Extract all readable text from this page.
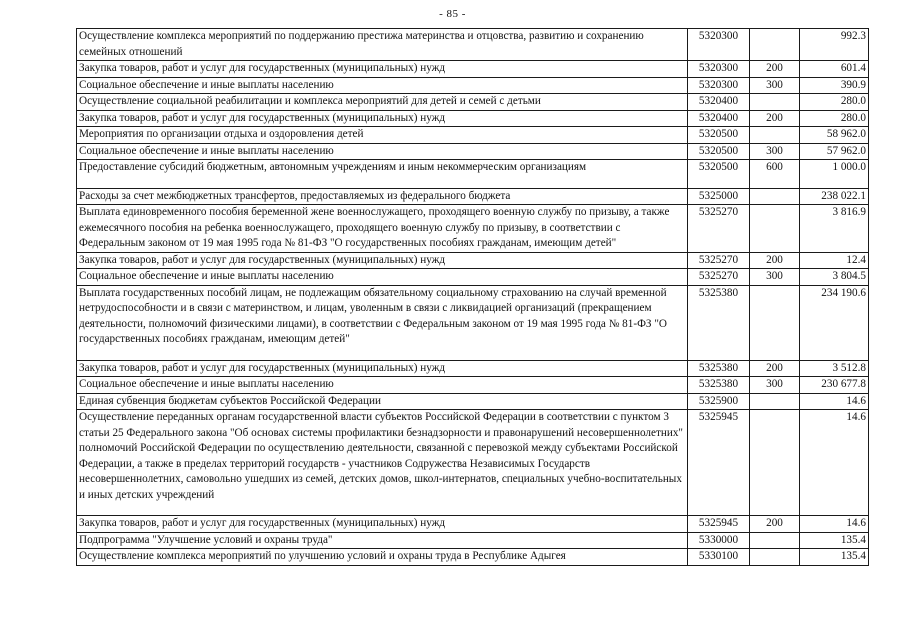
- 85 -
Осуществление комплекса мероприятий по поддержанию престижа материнства и отцовства, развитию и сохранению семейных отношений	5320300		992.3
Закупка товаров, работ и услуг для государственных (муниципальных) нужд	5320300	200	601.4
Социальное обеспечение и иные выплаты населению	5320300	300	390.9
Осуществление социальной реабилитации и комплекса мероприятий для детей и семей с детьми	5320400		280.0
Закупка товаров, работ и услуг для государственных (муниципальных) нужд	5320400	200	280.0
Мероприятия по организации отдыха и оздоровления детей	5320500		58 962.0
Социальное обеспечение и иные выплаты населению	5320500	300	57 962.0
Предоставление субсидий бюджетным, автономным учреждениям и иным некоммерческим организациям	5320500	600	1 000.0
Расходы за счет межбюджетных трансфертов, предоставляемых из федерального бюджета	5325000		238 022.1
Выплата единовременного пособия беременной жене военнослужащего, проходящего военную службу по призыву, а также ежемесячного пособия на ребенка военнослужащего, проходящего военную службу по призыву, в соответствии с Федеральным законом от 19 мая 1995 года № 81-ФЗ "О государственных пособиях гражданам, имеющим детей"	5325270		3 816.9
Закупка товаров, работ и услуг для государственных (муниципальных) нужд	5325270	200	12.4
Социальное обеспечение и иные выплаты населению	5325270	300	3 804.5
Выплата государственных пособий лицам, не подлежащим обязательному социальному страхованию на случай временной нетрудоспособности и в связи с материнством, и лицам, уволенным в связи с ликвидацией организаций (прекращением деятельности, полномочий физическими лицами), в соответствии с Федеральным законом от 19 мая 1995 года № 81-ФЗ "О государственных пособиях гражданам, имеющим детей"	5325380		234 190.6
Закупка товаров, работ и услуг для государственных (муниципальных) нужд	5325380	200	3 512.8
Социальное обеспечение и иные выплаты населению	5325380	300	230 677.8
Единая субвенция бюджетам субъектов Российской Федерации	5325900		14.6
Осуществление переданных органам государственной власти субъектов Российской Федерации в соответствии с пунктом 3 статьи 25 Федерального закона "Об основах системы профилактики безнадзорности и правонарушений несовершеннолетних" полномочий Российской Федерации по осуществлению деятельности, связанной с перевозкой между субъектами Российской Федерации, а также в пределах территорий государств - участников Содружества Независимых Государств несовершеннолетних, самовольно ушедших из семей, детских домов, школ-интернатов, специальных учебно-воспитательных и иных детских учреждений	5325945		14.6
Закупка товаров, работ и услуг для государственных (муниципальных) нужд	5325945	200	14.6
Подпрограмма "Улучшение условий и охраны труда"	5330000		135.4
Осуществление комплекса мероприятий по улучшению условий и охраны труда в Республике Адыгея	5330100		135.4
